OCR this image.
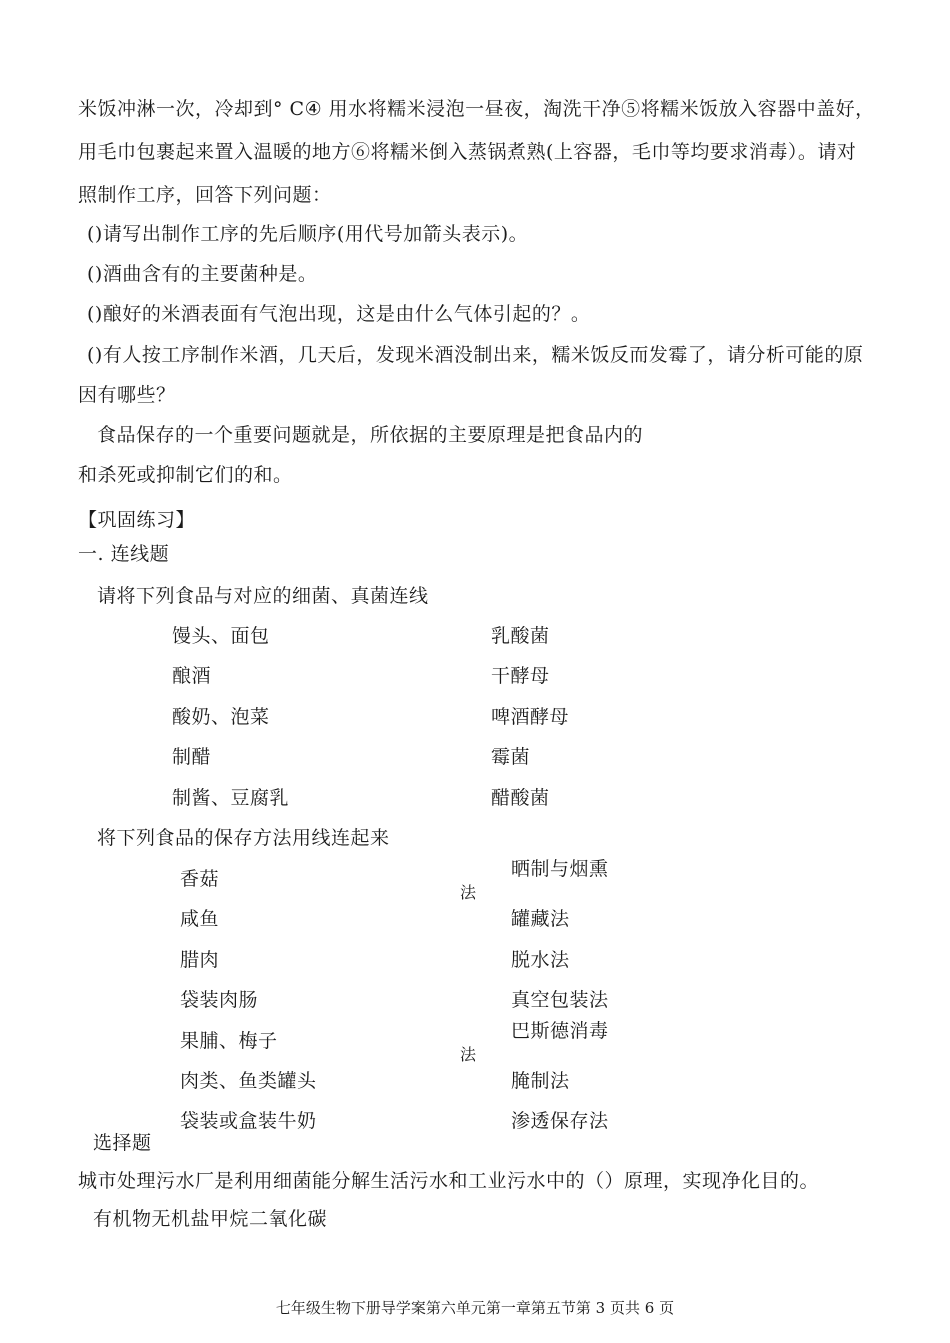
米饭冲淋一次，冷却到° C④ 用水将糯米浸泡一昼夜，淘洗干净⑤将糯米饭放入容器中盖好，
用毛巾包裹起来置入温暖的地方⑥将糯米倒入蒸锅煮熟(上容器，毛巾等均要求消毒）。请对
照制作工序，回答下列问题：
()请写出制作工序的先后顺序(用代号加箭头表示)。
()酒曲含有的主要菌种是。
()酿好的米酒表面有气泡出现，这是由什么气体引起的？。
()有人按工序制作米酒，几天后，发现米酒没制出来，糯米饭反而发霉了，请分析可能的原
因有哪些？
食品保存的一个重要问题就是，所依据的主要原理是把食品内的
和杀死或抑制它们的和。
【巩固练习】
一. 连线题
请将下列食品与对应的细菌、真菌连线
馒头、面包
酿酒
酸奶、泡菜
制醋
制酱、豆腐乳
乳酸菌
干酵母
啤酒酵母
霉菌
醋酸菌
将下列食品的保存方法用线连起来
香菇
咸鱼
腊肉
袋装肉肠
果脯、梅子
肉类、鱼类罐头
袋装或盒装牛奶
法
法
晒制与烟熏
罐藏法
脱水法
真空包装法
巴斯德消毒
腌制法
渗透保存法
选择题
城市处理污水厂是利用细菌能分解生活污水和工业污水中的（）原理，实现净化目的。
有机物无机盐甲烷二氧化碳
七年级生物下册导学案第六单元第一章第五节第 3 页共 6 页
